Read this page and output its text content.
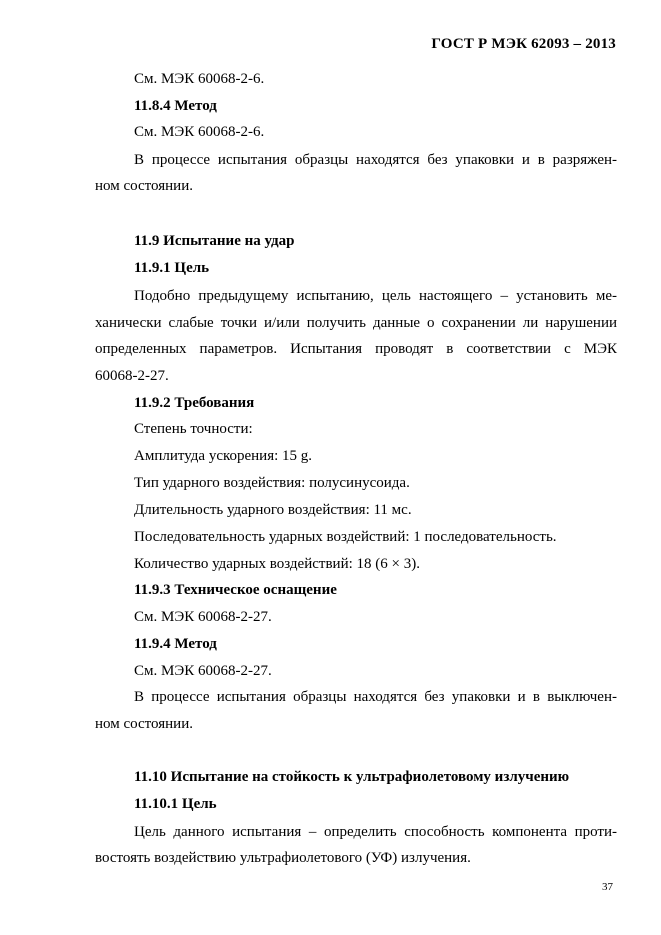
ГОСТ Р МЭК 62093 – 2013
См. МЭК 60068-2-6.
11.8.4 Метод
См. МЭК 60068-2-6.
В процессе испытания образцы находятся без упаковки и в разряжен-
ном состоянии.
11.9 Испытание на удар
11.9.1 Цель
Подобно предыдущему испытанию, цель настоящего – установить ме-
ханически слабые точки и/или получить данные о сохранении ли нарушении
определенных параметров. Испытания проводят в соответствии с МЭК
60068-2-27.
11.9.2 Требования
Степень точности:
Амплитуда ускорения: 15 g.
Тип ударного воздействия: полусинусоида.
Длительность ударного воздействия: 11 мс.
Последовательность ударных воздействий: 1 последовательность.
Количество ударных воздействий: 18 (6 × 3).
11.9.3 Техническое оснащение
См. МЭК 60068-2-27.
11.9.4 Метод
См. МЭК 60068-2-27.
В процессе испытания образцы находятся без упаковки и в выключен-
ном состоянии.
11.10 Испытание на стойкость к ультрафиолетовому излучению
11.10.1 Цель
Цель данного испытания – определить способность компонента проти-
востоять воздействию ультрафиолетового (УФ) излучения.
37
